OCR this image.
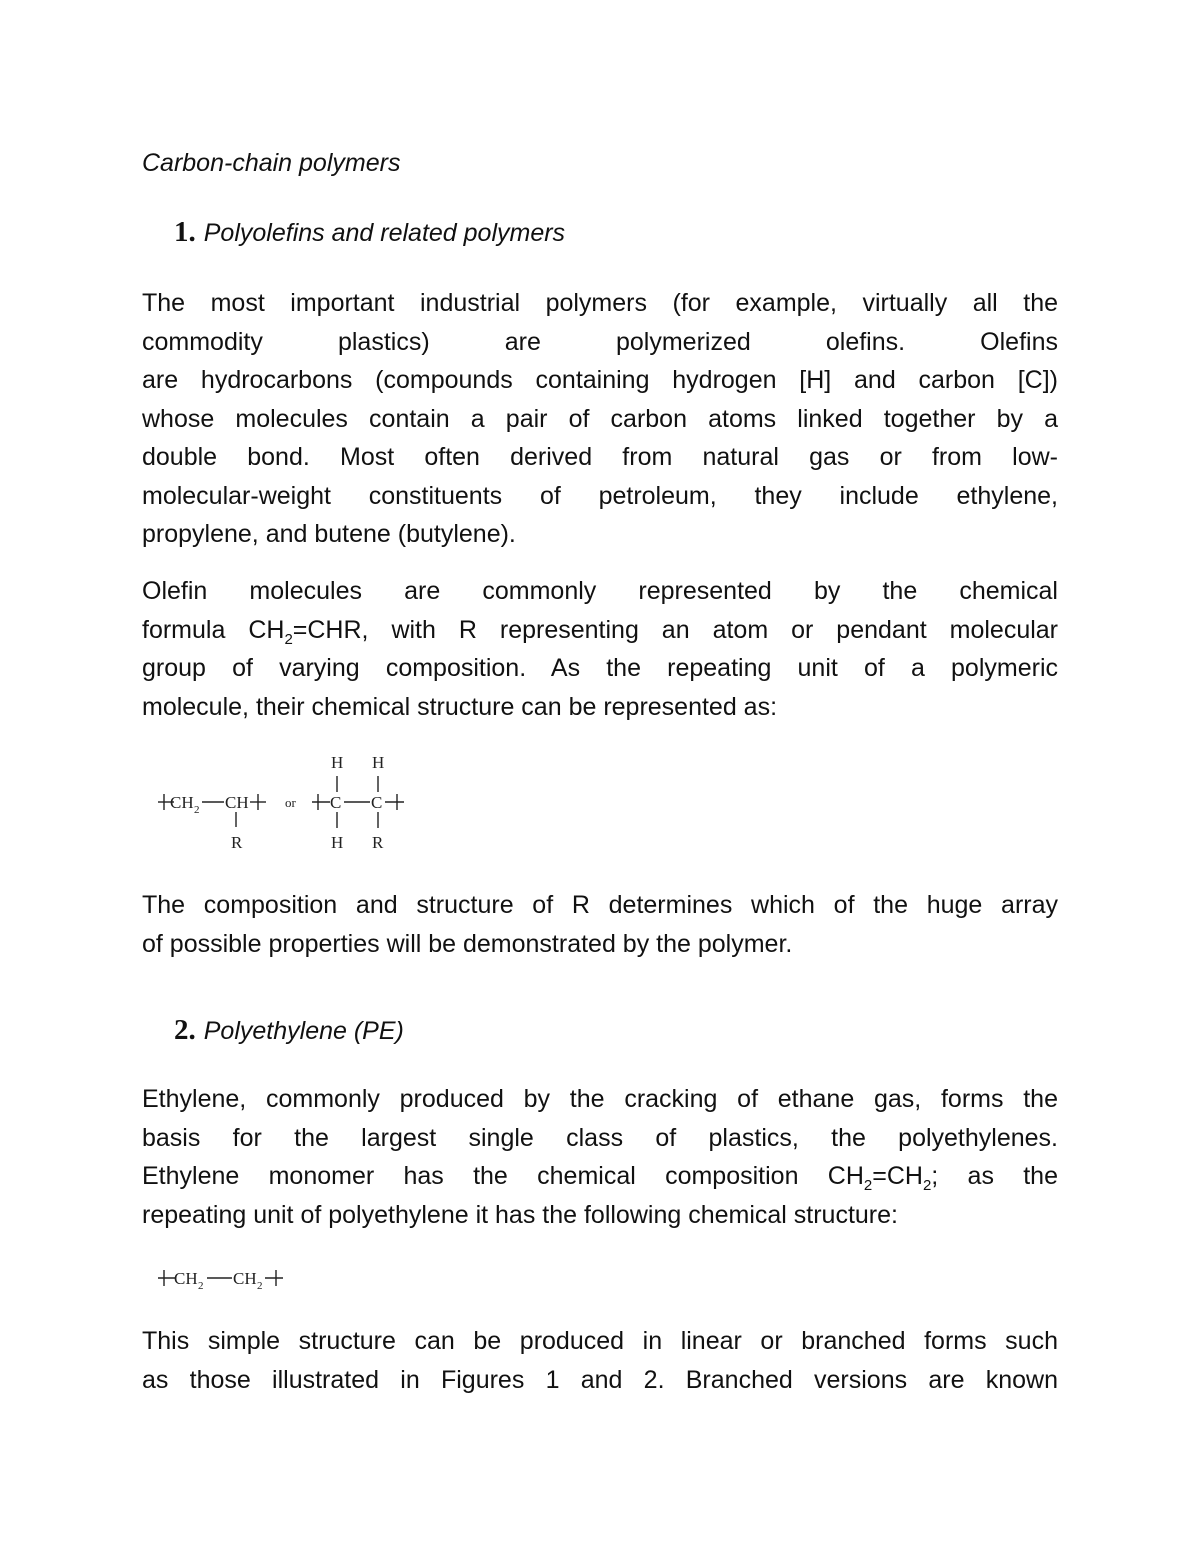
Carbon-chain polymers
1. Polyolefins and related polymers
The most important industrial polymers (for example, virtually all the
commodity	plastics)	are	polymerized olefins.	Olefins
are hydrocarbons (compounds containing hydrogen [H] and carbon [C])
whose molecules contain a pair of carbon atoms linked together by a
double bond. Most often derived from natural gas or from low-
molecular-weight constituents of petroleum, they include ethylene,
propylene, and butene (butylene).
Olefin molecules are commonly represented by the chemical
formula $CH_2=CHR$, with R representing an atom or pendant molecular
group of varying composition. As the repeating unit of a polymeric
molecule, their chemical structure can be represented as:
CH 2 CH
R
or C C
H H
H R
The composition and structure of R determines which of the huge array
of possible properties will be demonstrated by the polymer.
2. Polyethylene (PE)
Ethylene, commonly produced by the cracking of ethane gas, forms the
basis for the largest single class of plastics, the polyethylenes.
Ethylene monomer has the chemical composition $CH_2=CH_2$; as the
repeating unit of polyethylene it has the following chemical structure:
CH 2 CH 2
This simple structure can be produced in linear or branched forms such
as those illustrated in Figures 1 and 2. Branched versions are known
